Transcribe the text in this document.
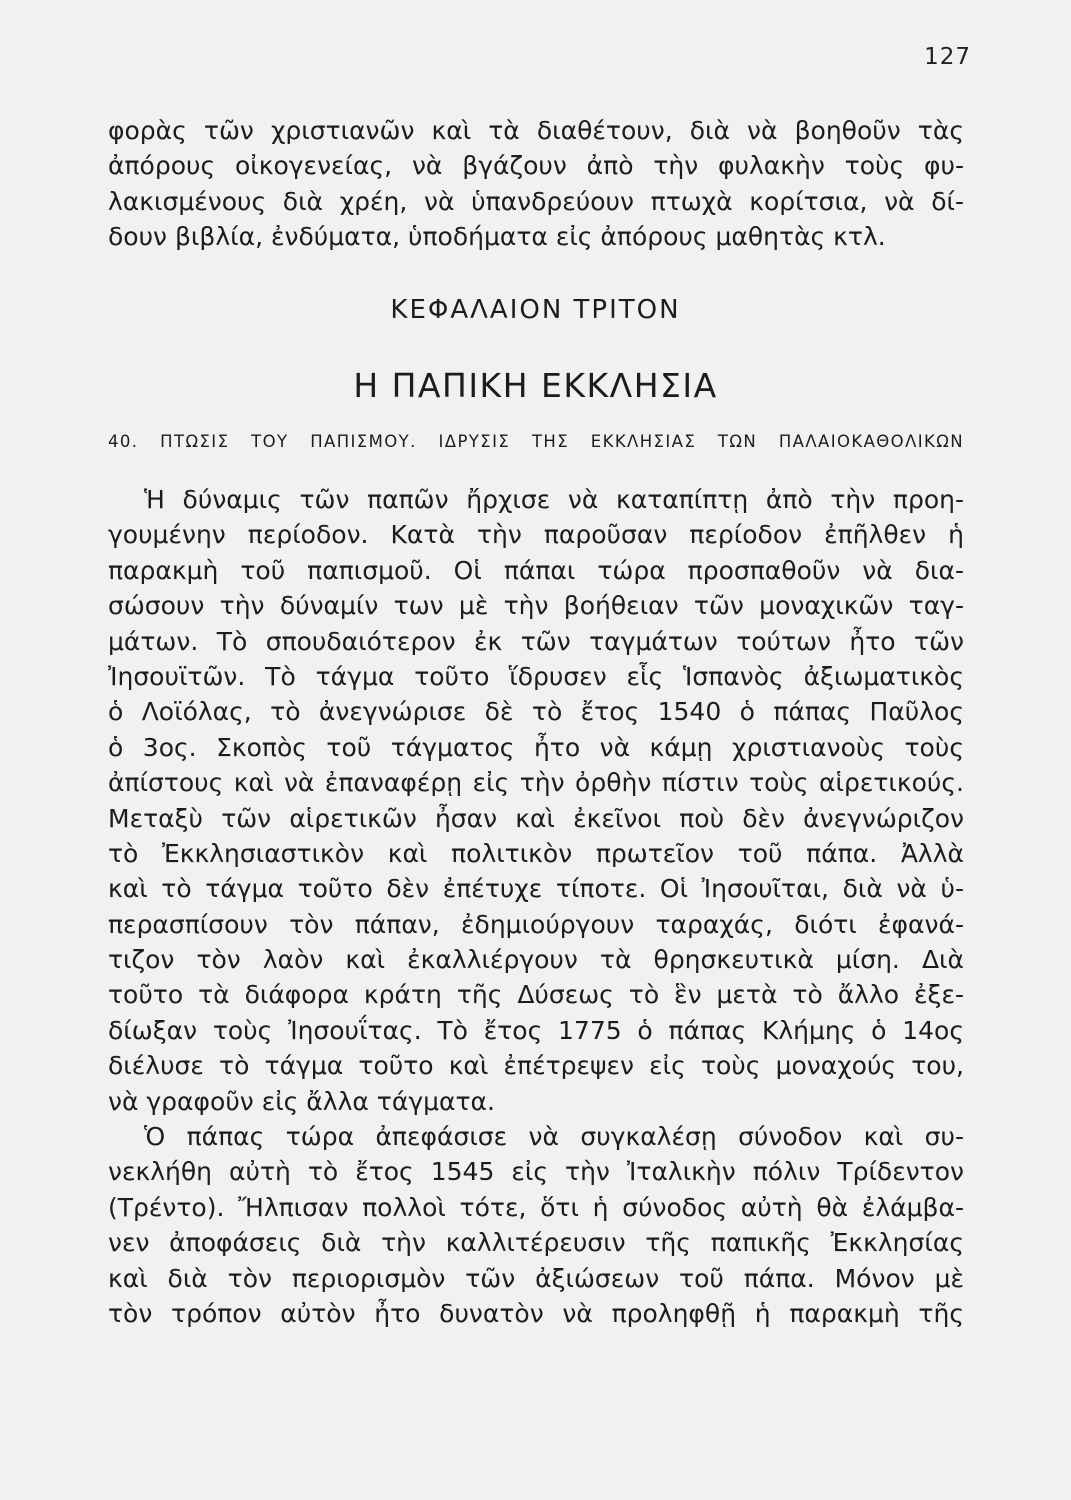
127
φορὰς τῶν χριστιανῶν καὶ τὰ διαθέτουν, διὰ νὰ βοηθοῦν τὰς
ἀπόρους οἰκογενείας, νὰ βγάζουν ἀπὸ τὴν φυλακὴν τοὺς φυ-
λακισμένους διὰ χρέη, νὰ ὑπανδρεύουν πτωχὰ κορίτσια, νὰ δί-
δουν βιβλία, ἐνδύματα, ὑποδήματα εἰς ἀπόρους μαθητὰς κτλ.
ΚΕΦΑΛΑΙΟΝ ΤΡΙΤΟΝ
Η ΠΑΠΙΚΗ ΕΚΚΛΗΣΙΑ
40. ΠΤΩΣΙΣ ΤΟΥ ΠΑΠΙΣΜΟΥ. ΙΔΡΥΣΙΣ ΤΗΣ ΕΚΚΛΗΣΙΑΣ ΤΩΝ ΠΑΛΑΙΟΚΑΘΟΛΙΚΩΝ
Ἡ δύναμις τῶν παπῶν ἤρχισε νὰ καταπίπτῃ ἀπὸ τὴν προη-
γουμένην περίοδον. Κατὰ τὴν παροῦσαν περίοδον ἐπῆλθεν ἡ
παρακμὴ τοῦ παπισμοῦ. Οἱ πάπαι τώρα προσπαθοῦν νὰ δια-
σώσουν τὴν δύναμίν των μὲ τὴν βοήθειαν τῶν μοναχικῶν ταγ-
μάτων. Τὸ σπουδαιότερον ἐκ τῶν ταγμάτων τούτων ἦτο τῶν
Ἰησουϊτῶν. Τὸ τάγμα τοῦτο ἵδρυσεν εἷς Ἱσπανὸς ἀξιωματικὸς
ὁ Λοϊόλας, τὸ ἀνεγνώρισε δὲ τὸ ἔτος 1540 ὁ πάπας Παῦλος
ὁ 3ος. Σκοπὸς τοῦ τάγματος ἦτο νὰ κάμῃ χριστιανοὺς τοὺς
ἀπίστους καὶ νὰ ἐπαναφέρῃ εἰς τὴν ὀρθὴν πίστιν τοὺς αἱρετικούς.
Μεταξὺ τῶν αἱρετικῶν ἦσαν καὶ ἐκεῖνοι ποὺ δὲν ἀνεγνώριζον
τὸ Ἐκκλησιαστικὸν καὶ πολιτικὸν πρωτεῖον τοῦ πάπα. Ἀλλὰ
καὶ τὸ τάγμα τοῦτο δὲν ἐπέτυχε τίποτε. Οἱ Ἰησουῖται, διὰ νὰ ὑ-
περασπίσουν τὸν πάπαν, ἐδημιούργουν ταραχάς, διότι ἐφανά-
τιζον τὸν λαὸν καὶ ἐκαλλιέργουν τὰ θρησκευτικὰ μίση. Διὰ
τοῦτο τὰ διάφορα κράτη τῆς Δύσεως τὸ ἓν μετὰ τὸ ἄλλο ἐξε-
δίωξαν τοὺς Ἰησουΐτας. Τὸ ἔτος 1775 ὁ πάπας Κλήμης ὁ 14ος
διέλυσε τὸ τάγμα τοῦτο καὶ ἐπέτρεψεν εἰς τοὺς μοναχούς του,
νὰ γραφοῦν εἰς ἄλλα τάγματα.
Ὁ πάπας τώρα ἀπεφάσισε νὰ συγκαλέσῃ σύνοδον καὶ συ-
νεκλήθη αὐτὴ τὸ ἔτος 1545 εἰς τὴν Ἰταλικὴν πόλιν Τρίδεντον
(Τρέντο). Ἤλπισαν πολλοὶ τότε, ὅτι ἡ σύνοδος αὐτὴ θὰ ἐλάμβα-
νεν ἀποφάσεις διὰ τὴν καλλιτέρευσιν τῆς παπικῆς Ἐκκλησίας
καὶ διὰ τὸν περιορισμὸν τῶν ἀξιώσεων τοῦ πάπα. Μόνον μὲ
τὸν τρόπον αὐτὸν ἦτο δυνατὸν νὰ προληφθῇ ἡ παρακμὴ τῆς
